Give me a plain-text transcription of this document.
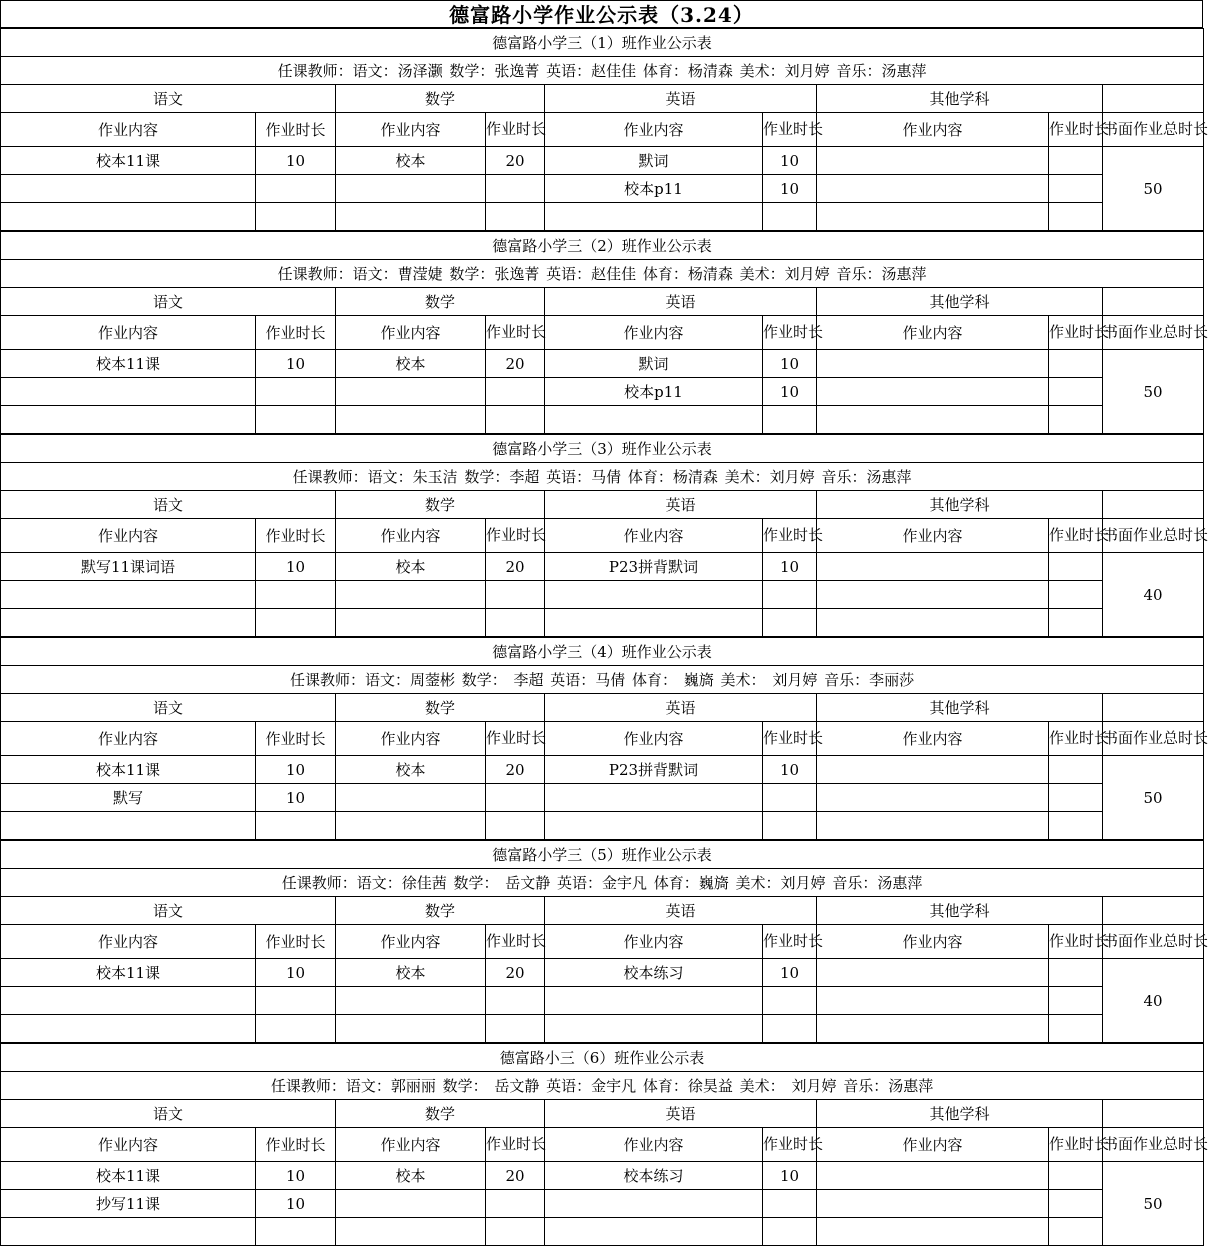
德富路小学作业公示表（3.24）
德富路小学三（1）班作业公示表								
任课教师：语文：汤泽灏 数学：张逸菁 英语：赵佳佳 体育：杨清森 美术：刘月婷 音乐：汤惠萍								
语文		数学		英语		其他学科		
作业内容	作业时长	作业内容	作业时长	作业内容	作业时长	作业内容	作业时长	书面作业总时长
校本11课	10	校本	20	默词	10			50
				校本p11	10			

德富路小学三（2）班作业公示表								
任课教师：语文：曹滢婕 数学：张逸菁 英语：赵佳佳 体育：杨清森 美术：刘月婷 音乐：汤惠萍								
语文		数学		英语		其他学科		
作业内容	作业时长	作业内容	作业时长	作业内容	作业时长	作业内容	作业时长	书面作业总时长
校本11课	10	校本	20	默词	10			50
				校本p11	10			

德富路小学三（3）班作业公示表								
任课教师：语文：朱玉洁 数学：李超 英语：马倩 体育：杨清森 美术：刘月婷 音乐：汤惠萍								
语文		数学		英语		其他学科		
作业内容	作业时长	作业内容	作业时长	作业内容	作业时长	作业内容	作业时长	书面作业总时长
默写11课词语	10	校本	20	P23拼背默词	10			40

德富路小学三（4）班作业公示表								
任课教师：语文：周蓥彬 数学： 李超 英语：马倩 体育： 巍旖 美术： 刘月婷 音乐：李丽莎								
语文		数学		英语		其他学科		
作业内容	作业时长	作业内容	作业时长	作业内容	作业时长	作业内容	作业时长	书面作业总时长
校本11课	10	校本	20	P23拼背默词	10			50
默写	10							

德富路小学三（5）班作业公示表								
任课教师：语文：徐佳茜 数学： 岳文静 英语：金宇凡 体育：巍旖 美术：刘月婷 音乐：汤惠萍								
语文		数学		英语		其他学科		
作业内容	作业时长	作业内容	作业时长	作业内容	作业时长	作业内容	作业时长	书面作业总时长
校本11课	10	校本	20	校本练习	10			40

德富路小三（6）班作业公示表								
任课教师：语文：郭丽丽 数学： 岳文静 英语：金宇凡 体育：徐昊益 美术： 刘月婷 音乐：汤惠萍								
语文		数学		英语		其他学科		
作业内容	作业时长	作业内容	作业时长	作业内容	作业时长	作业内容	作业时长	书面作业总时长
校本11课	10	校本	20	校本练习	10			50
抄写11课	10							
